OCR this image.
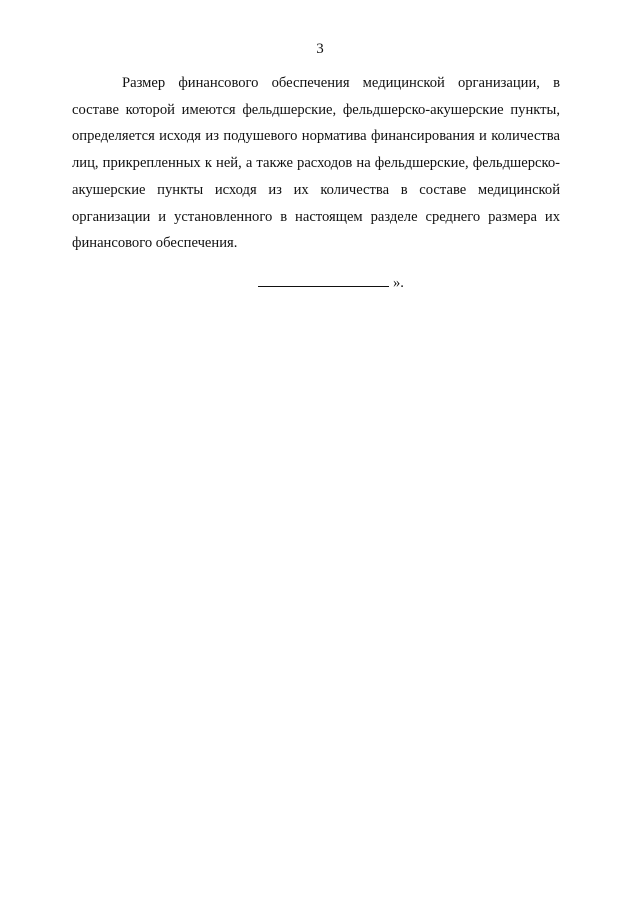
3

Размер финансового обеспечения медицинской организации, в составе которой имеются фельдшерские, фельдшерско-акушерские пункты, определяется исходя из подушевого норматива финансирования и количества лиц, прикрепленных к ней, а также расходов на фельдшерские, фельдшерско-акушерские пункты исходя из их количества в составе медицинской организации и установленного в настоящем разделе среднего размера их финансового обеспечения.

».
